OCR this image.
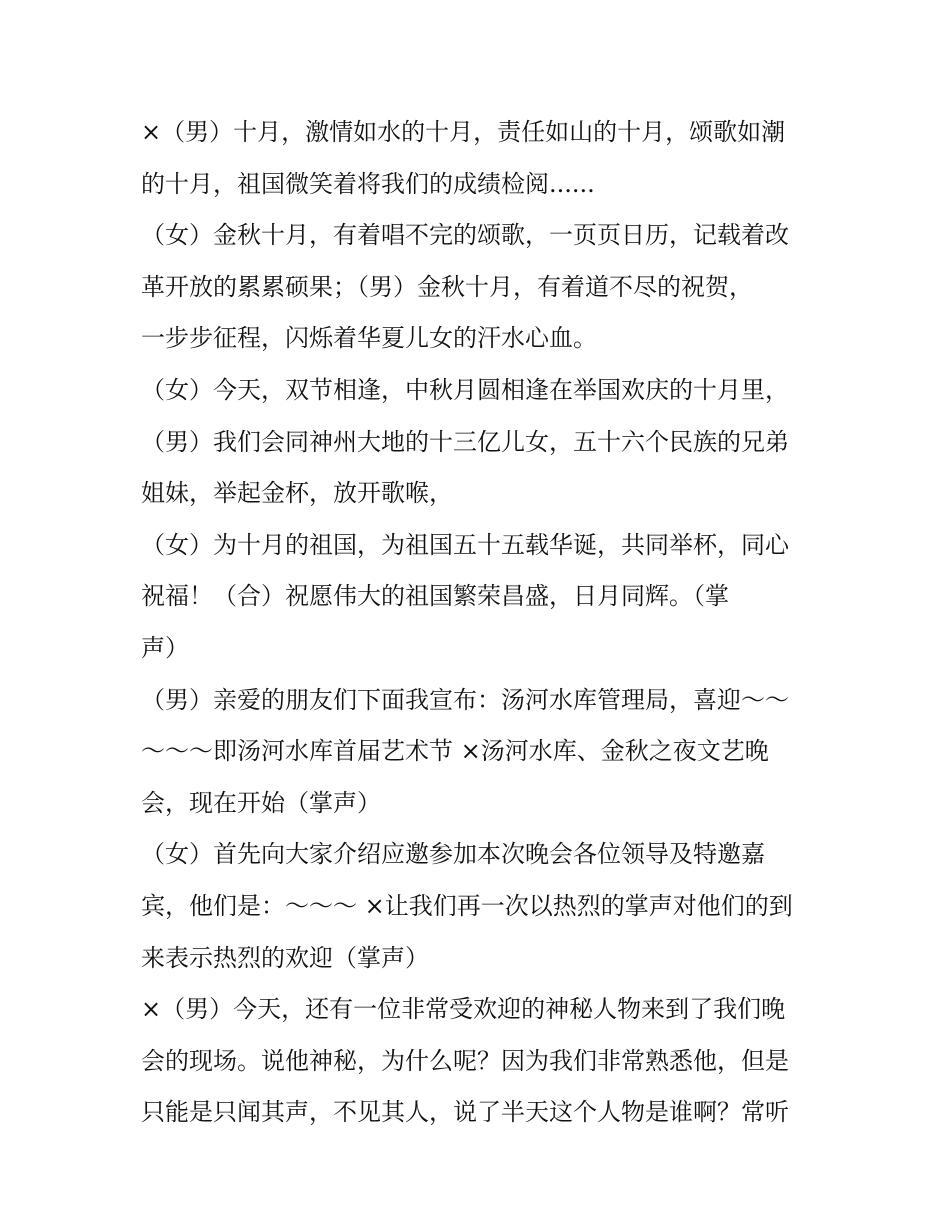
×（男）十月，激情如水的十月，责任如山的十月，颂歌如潮
的十月，祖国微笑着将我们的成绩检阅......
（女）金秋十月，有着唱不完的颂歌，一页页日历，记载着改
革开放的累累硕果；（男）金秋十月，有着道不尽的祝贺，
一步步征程，闪烁着华夏儿女的汗水心血。
（女）今天，双节相逢，中秋月圆相逢在举国欢庆的十月里，
（男）我们会同神州大地的十三亿儿女，五十六个民族的兄弟
姐妹，举起金杯，放开歌喉，
（女）为十月的祖国，为祖国五十五载华诞，共同举杯，同心
祝福！（合）祝愿伟大的祖国繁荣昌盛，日月同辉。（掌
声）
（男）亲爱的朋友们下面我宣布：汤河水库管理局，喜迎～～
～～～即汤河水库首届艺术节 ×汤河水库、金秋之夜文艺晚
会，现在开始（掌声）
（女）首先向大家介绍应邀参加本次晚会各位领导及特邀嘉
宾，他们是：～～～ ×让我们再一次以热烈的掌声对他们的到
来表示热烈的欢迎（掌声）
×（男）今天，还有一位非常受欢迎的神秘人物来到了我们晚
会的现场。说他神秘，为什么呢？因为我们非常熟悉他，但是
只能是只闻其声，不见其人，说了半天这个人物是谁啊？常听
